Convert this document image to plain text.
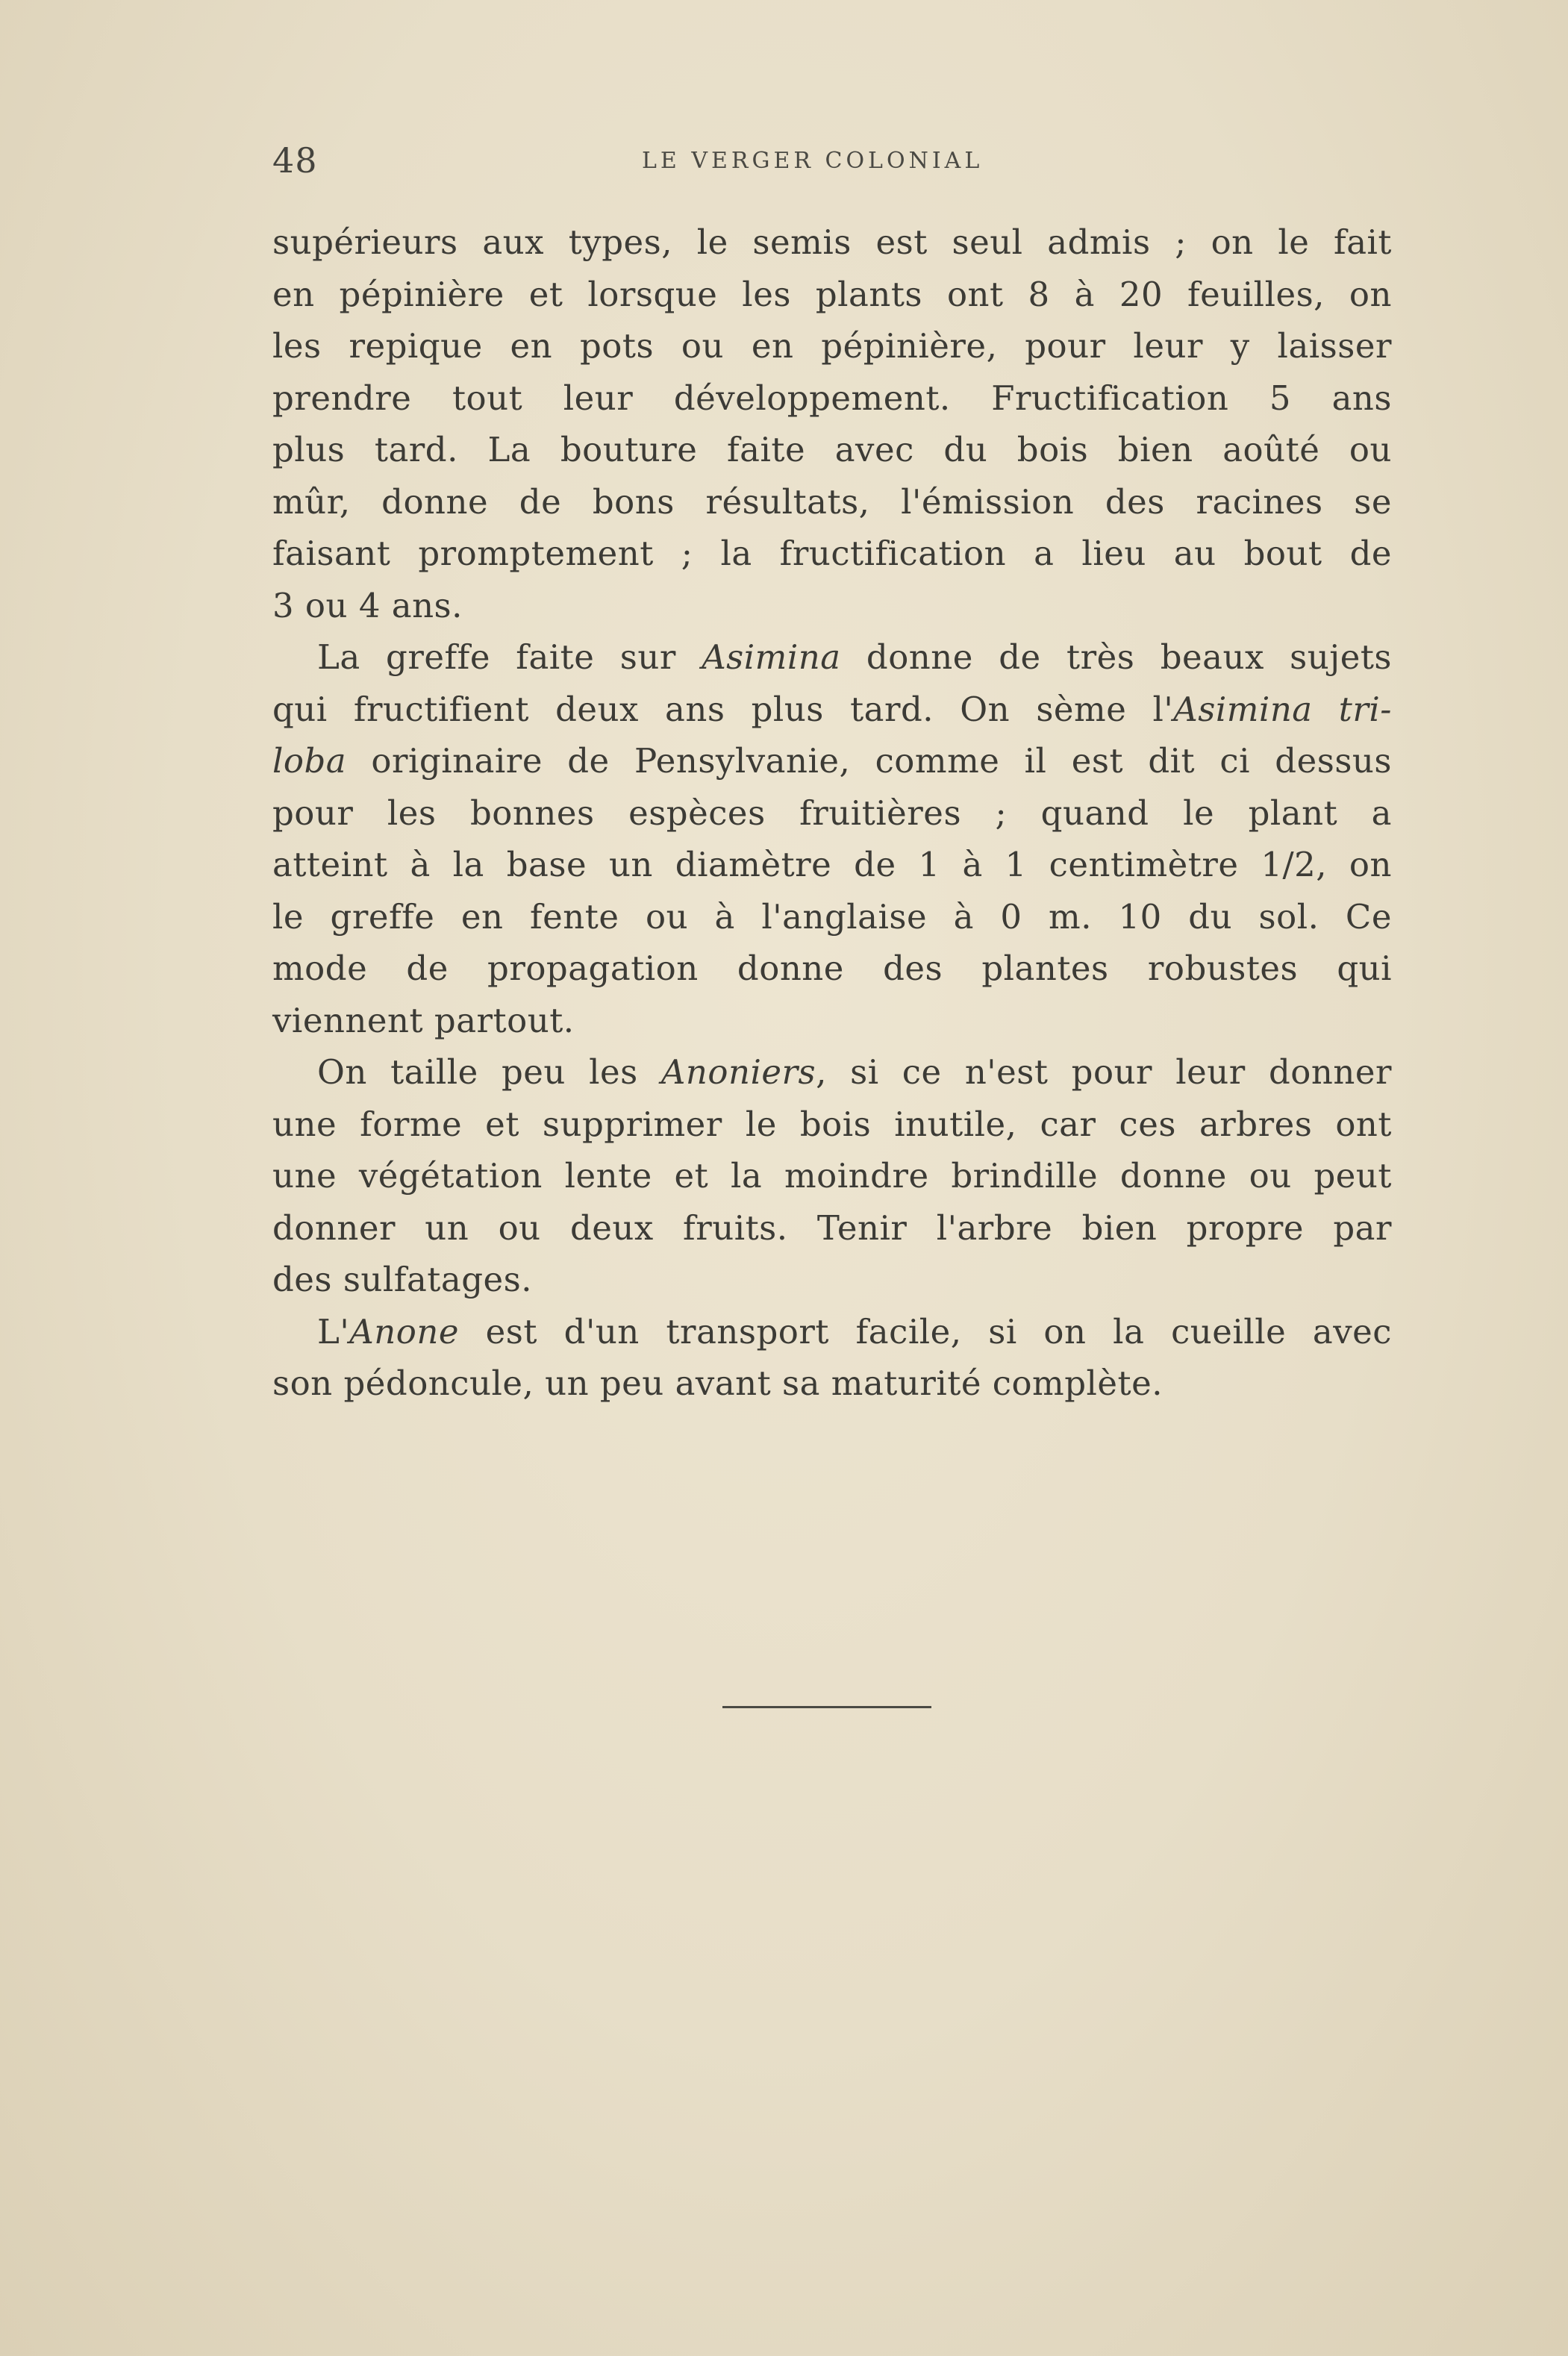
48	LE VERGER COLONIAL
supérieurs aux types, le semis est seul admis ; on le fait
en pépinière et lorsque les plants ont 8 à 20 feuilles, on
les repique en pots ou en pépinière, pour leur y laisser
prendre tout leur développement. Fructification 5 ans
plus tard. La bouture faite avec du bois bien aoûté ou
mûr, donne de bons résultats, l'émission des racines se
faisant promptement ; la fructification a lieu au bout de
3 ou 4 ans.
La greffe faite sur Asimina donne de très beaux sujets
qui fructifient deux ans plus tard. On sème l'Asimina tri-
loba originaire de Pensylvanie, comme il est dit ci dessus
pour les bonnes espèces fruitières ; quand le plant a
atteint à la base un diamètre de 1 à 1 centimètre 1/2, on
le greffe en fente ou à l'anglaise à 0 m. 10 du sol. Ce
mode de propagation donne des plantes robustes qui
viennent partout.
On taille peu les Anoniers, si ce n'est pour leur donner
une forme et supprimer le bois inutile, car ces arbres ont
une végétation lente et la moindre brindille donne ou peut
donner un ou deux fruits. Tenir l'arbre bien propre par
des sulfatages.
L'Anone est d'un transport facile, si on la cueille avec
son pédoncule, un peu avant sa maturité complète.
